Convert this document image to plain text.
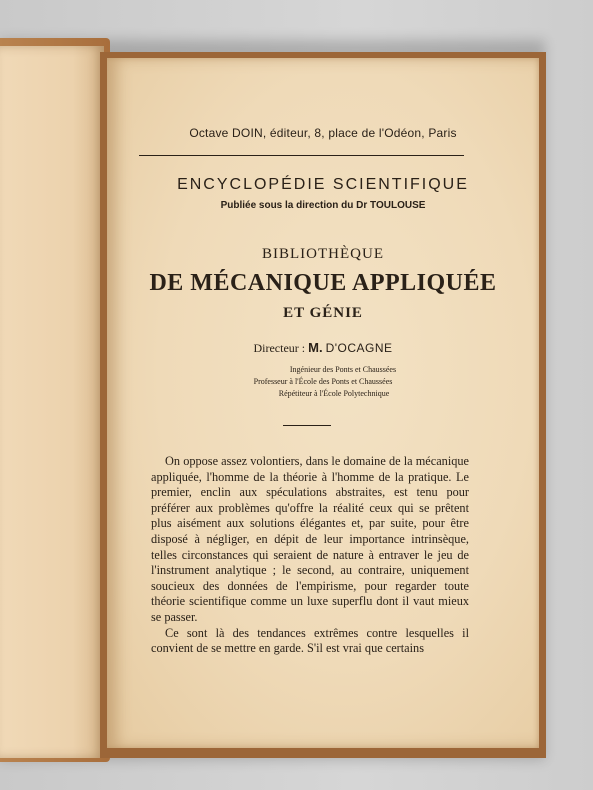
Octave DOIN, éditeur, 8, place de l'Odéon, Paris
ENCYCLOPÉDIE SCIENTIFIQUE
Publiée sous la direction du Dr TOULOUSE
BIBLIOTHÈQUE
DE MÉCANIQUE APPLIQUÉE
ET GÉNIE
Directeur : M. D'OCAGNE
Ingénieur des Ponts et Chaussées
Professeur à l'École des Ponts et Chaussées
Répétiteur à l'École Polytechnique

On oppose assez volontiers, dans le domaine de la mécanique appliquée, l'homme de la théorie à l'homme de la pratique. Le premier, enclin aux spéculations abstraites, est tenu pour préférer aux problèmes qu'offre la réalité ceux qui se prêtent plus aisément aux solutions élégantes et, par suite, pour être disposé à négliger, en dépit de leur importance intrinsèque, telles circonstances qui seraient de nature à entraver le jeu de l'instrument analytique ; le second, au contraire, uniquement soucieux des données de l'empirisme, pour regarder toute théorie scientifique comme un luxe superflu dont il vaut mieux se passer.

Ce sont là des tendances extrêmes contre lesquelles il convient de se mettre en garde. S'il est vrai que certains
